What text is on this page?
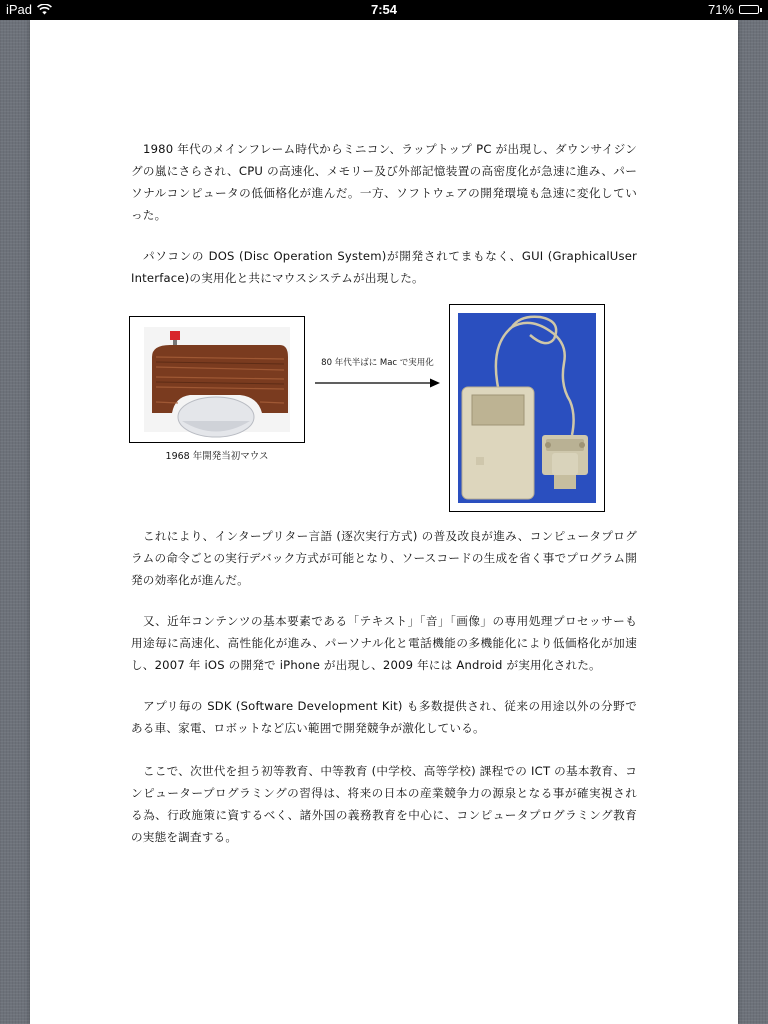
iPad	7:54	71%

1980 年代のメインフレーム時代からミニコン、ラップトップ PC が出現し、ダウンサイジングの嵐にさらされ、CPU の高速化、メモリー及び外部記憶装置の高密度化が急速に進み、パーソナルコンピュータの低価格化が進んだ。一方、ソフトウェアの開発環境も急速に変化していった。

パソコンの DOS (Disc Operation System)が開発されてまもなく、GUI (GraphicalUser Interface)の実用化と共にマウスシステムが出現した。

1968 年開発当初マウス
80 年代半ばに Mac で実用化

これにより、インタープリター言語 (逐次実行方式) の普及改良が進み、コンピュータプログラムの命令ごとの実行デバック方式が可能となり、ソースコードの生成を省く事でプログラム開発の効率化が進んだ。

又、近年コンテンツの基本要素である「テキスト」「音」「画像」の専用処理プロセッサーも用途毎に高速化、高性能化が進み、パーソナル化と電話機能の多機能化により低価格化が加速し、2007 年 iOS の開発で iPhone が出現し、2009 年には Android が実用化された。

アプリ毎の SDK (Software Development Kit) も多数提供され、従来の用途以外の分野である車、家電、ロボットなど広い範囲で開発競争が激化している。

ここで、次世代を担う初等教育、中等教育 (中学校、高等学校) 課程での ICT の基本教育、コンピュータープログラミングの習得は、将来の日本の産業競争力の源泉となる事が確実視される為、行政施策に資するべく、諸外国の義務教育を中心に、コンピュータプログラミング教育の実態を調査する。
